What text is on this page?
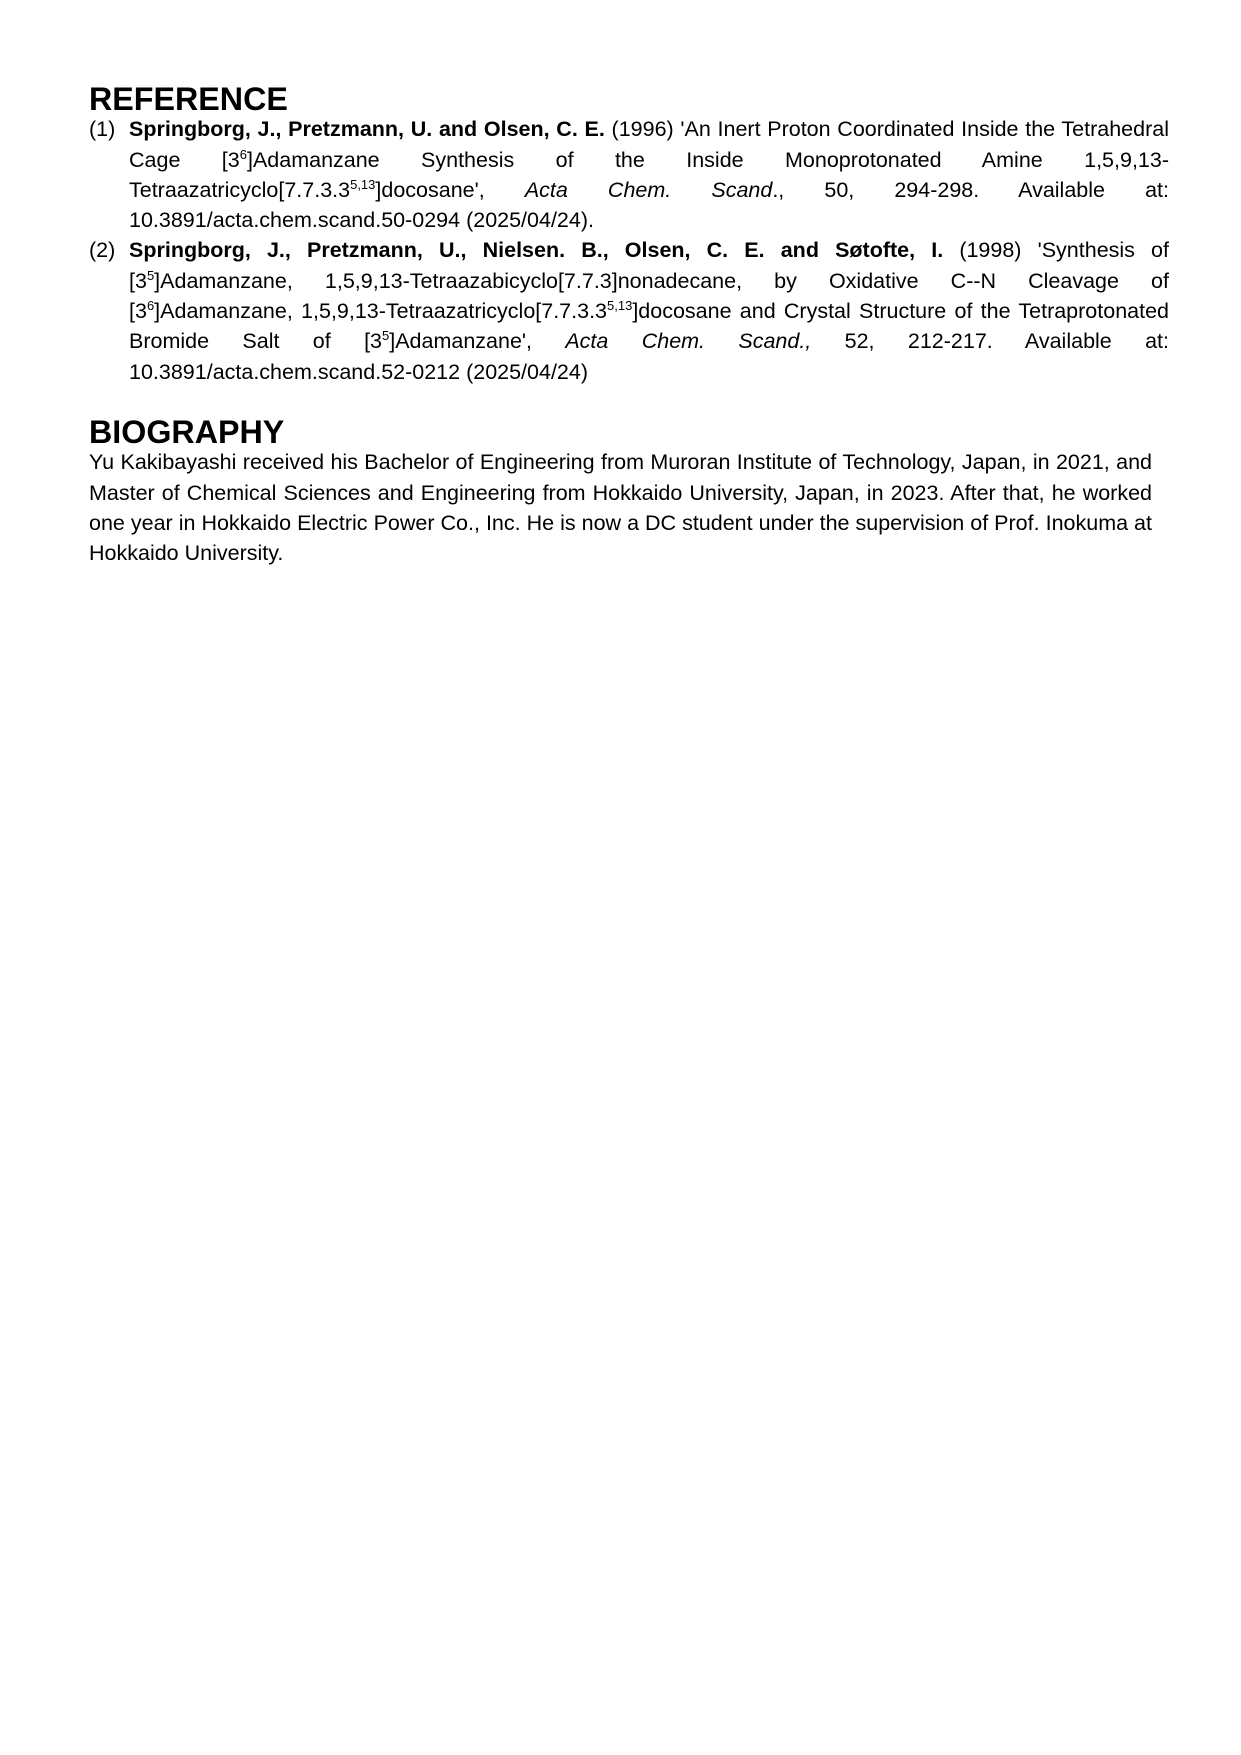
REFERENCE
(1) Springborg, J., Pretzmann, U. and Olsen, C. E. (1996) 'An Inert Proton Coordinated Inside the Tetrahedral Cage $[3^6]Adamanzane$ Synthesis of the Inside Monoprotonated Amine 1,5,9,13-Tetraazatricyclo[7.7.3.3$^{5,13}$]docosane', Acta Chem. Scand., 50, 294-298. Available at: 10.3891/acta.chem.scand.50-0294 (2025/04/24).
(2) Springborg, J., Pretzmann, U., Nielsen. B., Olsen, C. E. and Søtofte, I. (1998) 'Synthesis of $[3^5]Adamanzane$, 1,5,9,13-Tetraazabicyclo[7.7.3]nonadecane, by Oxidative C--N Cleavage of $[3^6]Adamanzane$, 1,5,9,13-Tetraazatricyclo[7.7.3.3$^{5,13}$]docosane and Crystal Structure of the Tetraprotonated Bromide Salt of $[3^5]Adamanzane'$, Acta Chem. Scand., 52, 212-217. Available at: 10.3891/acta.chem.scand.52-0212 (2025/04/24)
BIOGRAPHY

Yu Kakibayashi received his Bachelor of Engineering from Muroran Institute of Technology, Japan, in 2021, and Master of Chemical Sciences and Engineering from Hokkaido University, Japan, in 2023. After that, he worked one year in Hokkaido Electric Power Co., Inc. He is now a DC student under the supervision of Prof. Inokuma at Hokkaido University.
